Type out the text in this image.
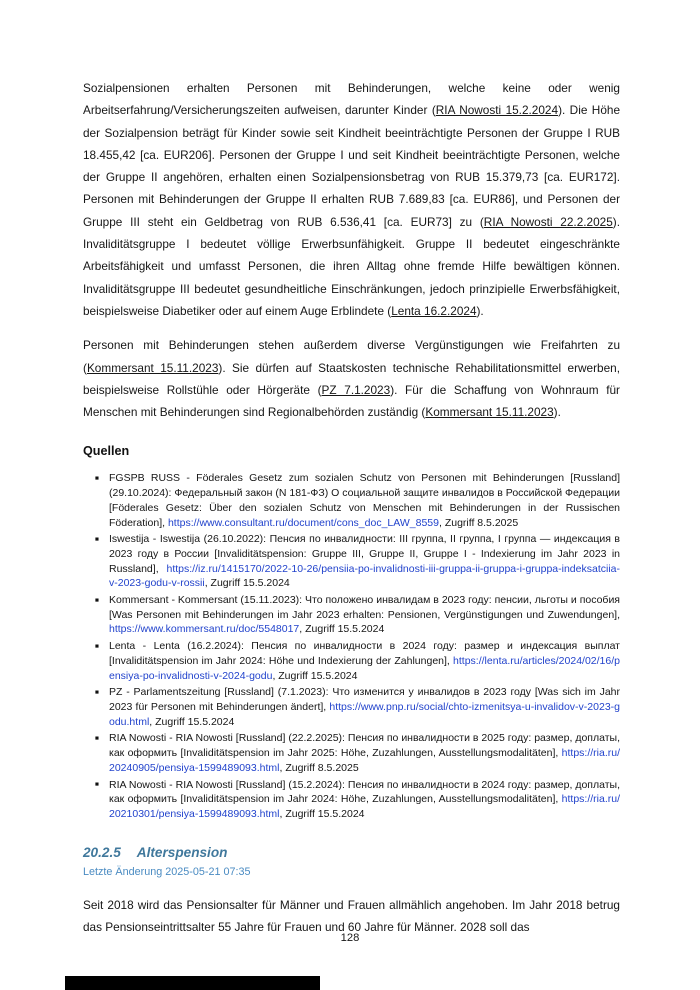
Sozialpensionen erhalten Personen mit Behinderungen, welche keine oder wenig Arbeitserfahrung/Versicherungszeiten aufweisen, darunter Kinder (RIA Nowosti 15.2.2024). Die Höhe der Sozialpension beträgt für Kinder sowie seit Kindheit beeinträchtigte Personen der Gruppe I RUB 18.455,42 [ca. EUR206]. Personen der Gruppe I und seit Kindheit beeinträchtigte Personen, welche der Gruppe II angehören, erhalten einen Sozialpensionsbetrag von RUB 15.379,73 [ca. EUR172]. Personen mit Behinderungen der Gruppe II erhalten RUB 7.689,83 [ca. EUR86], und Personen der Gruppe III steht ein Geldbetrag von RUB 6.536,41 [ca. EUR73] zu (RIA Nowosti 22.2.2025). Invaliditätsgruppe I bedeutet völlige Erwerbsunfähigkeit. Gruppe II bedeutet eingeschränkte Arbeitsfähigkeit und umfasst Personen, die ihren Alltag ohne fremde Hilfe bewältigen können. Invaliditätsgruppe III bedeutet gesundheitliche Einschränkungen, jedoch prinzipielle Erwerbsfähigkeit, beispielsweise Diabetiker oder auf einem Auge Erblindete (Lenta 16.2.2024).

Personen mit Behinderungen stehen außerdem diverse Vergünstigungen wie Freifahrten zu (Kommersant 15.11.2023). Sie dürfen auf Staatskosten technische Rehabilitationsmittel erwerben, beispielsweise Rollstühle oder Hörgeräte (PZ 7.1.2023). Für die Schaffung von Wohnraum für Menschen mit Behinderungen sind Regionalbehörden zuständig (Kommersant 15.11.2023).

Quellen
■ FGSPB RUSS - Föderales Gesetz zum sozialen Schutz von Personen mit Behinderungen [Russland] (29.10.2024): Федеральный закон (N 181-ФЗ) О социальной защите инвалидов в Российской Федерации [Föderales Gesetz: Über den sozialen Schutz von Menschen mit Behinderungen in der Russischen Föderation], https://www.consultant.ru/document/cons_doc_LAW_8559, Zugriff 8.5.2025
■ Iswestija - Iswestija (26.10.2022): Пенсия по инвалидности: III группа, II группа, I группа — индексация в 2023 году в России [Invaliditätspension: Gruppe III, Gruppe II, Gruppe I - Indexierung im Jahr 2023 in Russland], https://iz.ru/1415170/2022-10-26/pensiia-po-invalidnosti-iii-gruppa-ii-gruppa-i-gruppa-indeksatciia-v-2023-godu-v-rossii, Zugriff 15.5.2024
■ Kommersant - Kommersant (15.11.2023): Что положено инвалидам в 2023 году: пенсии, льготы и пособия [Was Personen mit Behinderungen im Jahr 2023 erhalten: Pensionen, Vergünstigungen und Zuwendungen], https://www.kommersant.ru/doc/5548017, Zugriff 15.5.2024
■ Lenta - Lenta (16.2.2024): Пенсия по инвалидности в 2024 году: размер и индексация выплат [Invaliditätspension im Jahr 2024: Höhe und Indexierung der Zahlungen], https://lenta.ru/articles/2024/02/16/pensiya-po-invalidnosti-v-2024-godu, Zugriff 15.5.2024
■ PZ - Parlamentszeitung [Russland] (7.1.2023): Что изменится у инвалидов в 2023 году [Was sich im Jahr 2023 für Personen mit Behinderungen ändert], https://www.pnp.ru/social/chto-izmenitsya-u-invalidov-v-2023-godu.html, Zugriff 15.5.2024
■ RIA Nowosti - RIA Nowosti [Russland] (22.2.2025): Пенсия по инвалидности в 2025 году: размер, доплаты, как оформить [Invaliditätspension im Jahr 2025: Höhe, Zuzahlungen, Ausstellungsmodalitäten], https://ria.ru/20240905/pensiya-1599489093.html, Zugriff 8.5.2025
■ RIA Nowosti - RIA Nowosti [Russland] (15.2.2024): Пенсия по инвалидности в 2024 году: размер, доплаты, как оформить [Invaliditätspension im Jahr 2024: Höhe, Zuzahlungen, Ausstellungsmodalitäten], https://ria.ru/20210301/pensiya-1599489093.html, Zugriff 15.5.2024
20.2.5 Alterspension
Letzte Änderung 2025-05-21 07:35

Seit 2018 wird das Pensionsalter für Männer und Frauen allmählich angehoben. Im Jahr 2018 betrug das Pensionseintrittsalter 55 Jahre für Frauen und 60 Jahre für Männer. 2028 soll das

128
